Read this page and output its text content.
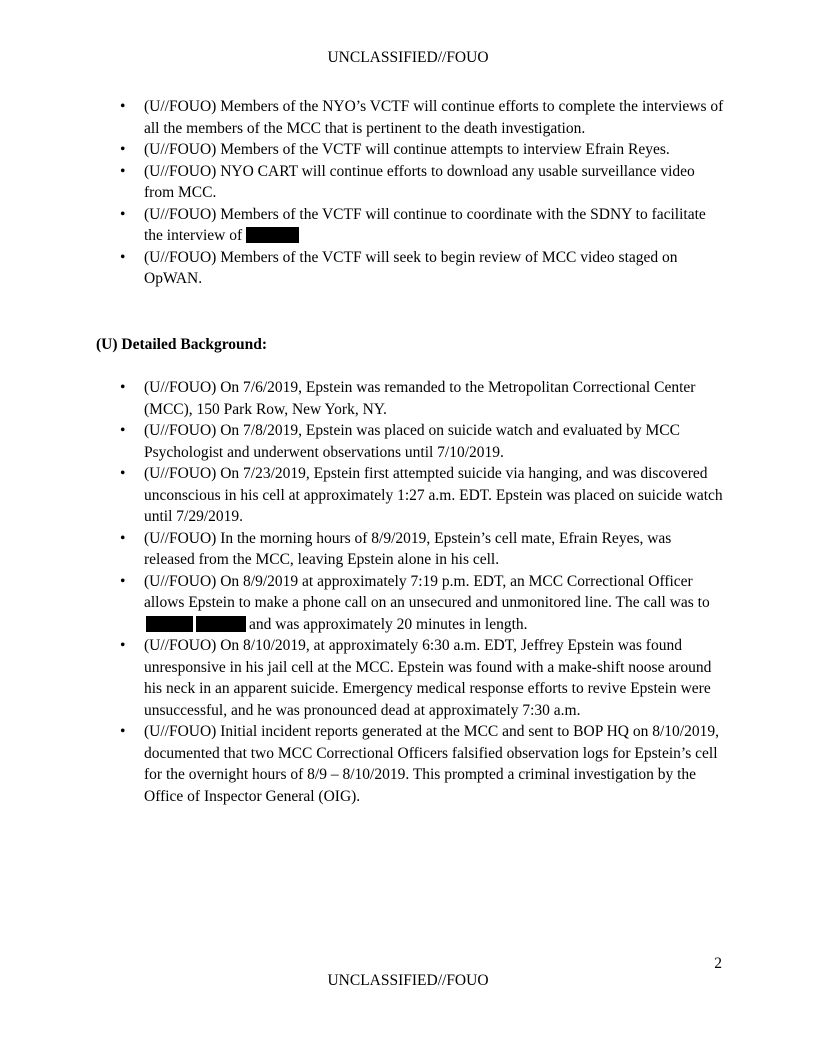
UNCLASSIFIED//FOUO
• (U//FOUO) Members of the NYO’s VCTF will continue efforts to complete the interviews of all the members of the MCC that is pertinent to the death investigation.
• (U//FOUO) Members of the VCTF will continue attempts to interview Efrain Reyes.
• (U//FOUO) NYO CART will continue efforts to download any usable surveillance video from MCC.
• (U//FOUO) Members of the VCTF will continue to coordinate with the SDNY to facilitate the interview of
• (U//FOUO) Members of the VCTF will seek to begin review of MCC video staged on OpWAN.
(U) Detailed Background:
• (U//FOUO) On 7/6/2019, Epstein was remanded to the Metropolitan Correctional Center (MCC), 150 Park Row, New York, NY.
• (U//FOUO) On 7/8/2019, Epstein was placed on suicide watch and evaluated by MCC Psychologist and underwent observations until 7/10/2019.
• (U//FOUO) On 7/23/2019, Epstein first attempted suicide via hanging, and was discovered unconscious in his cell at approximately 1:27 a.m. EDT. Epstein was placed on suicide watch until 7/29/2019.
• (U//FOUO) In the morning hours of 8/9/2019, Epstein’s cell mate, Efrain Reyes, was released from the MCC, leaving Epstein alone in his cell.
• (U//FOUO) On 8/9/2019 at approximately 7:19 p.m. EDT, an MCC Correctional Officer allows Epstein to make a phone call on an unsecured and unmonitored line. The call was to and was approximately 20 minutes in length.
• (U//FOUO) On 8/10/2019, at approximately 6:30 a.m. EDT, Jeffrey Epstein was found unresponsive in his jail cell at the MCC. Epstein was found with a make-shift noose around his neck in an apparent suicide. Emergency medical response efforts to revive Epstein were unsuccessful, and he was pronounced dead at approximately 7:30 a.m.
• (U//FOUO) Initial incident reports generated at the MCC and sent to BOP HQ on 8/10/2019, documented that two MCC Correctional Officers falsified observation logs for Epstein’s cell for the overnight hours of 8/9 – 8/10/2019. This prompted a criminal investigation by the Office of Inspector General (OIG).
2
UNCLASSIFIED//FOUO
